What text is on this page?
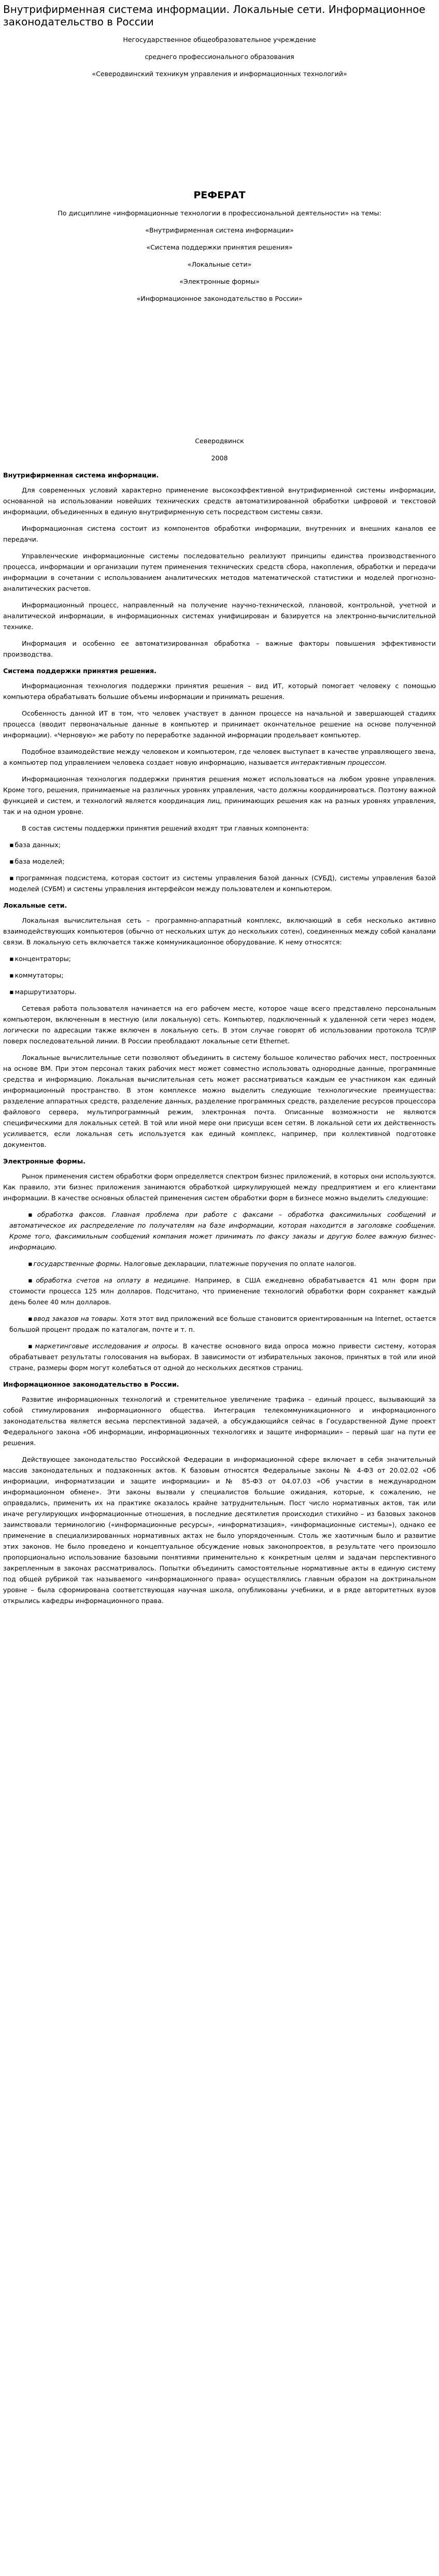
Внутрифирменная система информации. Локальные сети. Информационное законодательство в России

Негосударственное общеобразовательное учреждение

среднего профессионального образования

«Северодвинский техникум управления и информационных технологий»

РЕФЕРАТ

По дисциплине «информационные технологии в профессиональной деятельности» на темы:

«Внутрифирменная система информации»

«Система поддержки принятия решения»

«Локальные сети»

«Электронные формы»

«Информационное законодательство в России»

Северодвинск

2008

Внутрифирменная система информации.

Для современных условий характерно применение высокоэффективной внутрифирменной системы информации, основанной на использовании новейших технических средств автоматизированной обработки цифровой и текстовой информации, объединенных в единую внутрифирменную сеть посредством системы связи.

Информационная система состоит из компонентов обработки информации, внутренних и внешних каналов ее передачи.

Управленческие информационные системы последовательно реализуют принципы единства производственного процесса, информации и организации путем применения технических средств сбора, накопления, обработки и передачи информации в сочетании с использованием аналитических методов математической статистики и моделей прогнозно-аналитических расчетов.

Информационный процесс, направленный на получение научно-технической, плановой, контрольной, учетной и аналитической информации, в информационных системах унифицирован и базируется на электронно-вычислительной технике.

Информация и особенно ее автоматизированная обработка – важные факторы повышения эффективности производства.

Система поддержки принятия решения.

Информационная технология поддержки принятия решения – вид ИТ, который помогает человеку с помощью компьютера обрабатывать большие объемы информации и принимать решения.

Особенность данной ИТ в том, что человек участвует в данном процессе на начальной и завершающей стадиях процесса (вводит первоначальные данные в компьютер и принимает окончательное решение на основе полученной информации). «Черновую» же работу по переработке заданной информации продельвает компьютер.

Подобное взаимодействие между человеком и компьютером, где человек выступает в качестве управляющего звена, а компьютер под управлением человека создает новую информацию, называется интерактивным процессом.

Информационная технология поддержки принятия решения может использоваться на любом уровне управления. Кроме того, решения, принимаемые на различных уровнях управления, часто должны координироваться. Поэтому важной функцией и систем, и технологий является координация лиц, принимающих решения как на разных уровнях управления, так и на одном уровне.

В состав системы поддержки принятия решений входят три главных компонента:

▪ база данных;

▪ база моделей;

▪ программная подсистема, которая состоит из системы управления базой данных (СУБД), системы управления базой моделей (СУБМ) и системы управления интерфейсом между пользователем и компьютером.

Локальные сети.

Локальная вычислительная сеть – программно-аппаратный комплекс, включающий в себя несколько активно взаимодействующих компьютеров (обычно от нескольких штук до нескольких сотен), соединенных между собой каналами связи. В локальную сеть включается также коммуникационное оборудование. К нему относятся:

▪ концентраторы;

▪ коммутаторы;

▪ маршрутизаторы.

Сетевая работа пользователя начинается на его рабочем месте, которое чаще всего представлено персональным компьютером, включенным в местную (или локальную) сеть. Компьютер, подключенный к удаленной сети через модем, логически по адресации также включен в локальную сеть. В этом случае говорят об использовании протокола TCP/IP поверх последовательной линии. В России преобладают локальные сети Ethernet.

Локальные вычислительные сети позволяют объединить в систему большое количество рабочих мест, построенных на основе ВМ. При этом персонал таких рабочих мест может совместно использовать однородные данные, программные средства и информацию. Локальная вычислительная сеть может рассматриваться каждым ее участником как единый информационный пространство. В этом комплексе можно выделить следующие технологические преимущества: разделение аппаратных средств, разделение данных, разделение программных средств, разделение ресурсов процессора файлового сервера, мультипрограммный режим, электронная почта. Описанные возможности не являются специфическими для локальных сетей. В той или иной мере они присущи всем сетям. В локальной сети их действенность усиливается, если локальная сеть используется как единый комплекс, например, при коллективной подготовке документов.

Электронные формы.

Рынок применения систем обработки форм определяется спектром бизнес приложений, в которых они используются. Как правило, эти бизнес приложения занимаются обработкой циркулирующей между предприятием и его клиентами информации. В качестве основных областей применения систем обработки форм в бизнесе можно выделить следующие:

▪ обработка факсов. Главная проблема при работе с факсами – обработка факсимильных сообщений и автоматическое их распределение по получателям на базе информации, которая находится в заголовке сообщения. Кроме того, факсимильным сообщений компания может принимать по факсу заказы и другую более важную бизнес-информацию.

▪ государственные формы. Налоговые декларации, платежные поручения по оплате налогов.

▪ обработка счетов на оплату в медицине. Например, в США ежедневно обрабатывается 41 млн форм при стоимости процесса 125 млн долларов. Подсчитано, что применение технологий обработки форм сохраняет каждый день более 40 млн долларов.

▪ ввод заказов на товары. Хотя этот вид приложений все больше становится ориентированным на Internet, остается большой процент продаж по каталогам, почте и т. п.

▪ маркетинговые исследования и опросы. В качестве основного вида опроса можно привести систему, которая обрабатывает результаты голосования на выборах. В зависимости от избирательных законов, принятых в той или иной стране, размеры форм могут колебаться от одной до нескольких десятков страниц.

Информационное законодательство в России.

Развитие информационных технологий и стремительное увеличение трафика – единый процесс, вызывающий за собой стимулирования информационного общества. Интеграция телекоммуникационного и информационного законодательства является весьма перспективной задачей, а обсуждающийся сейчас в Государственной Думе проект Федерального закона «Об информации, информационных технологиях и защите информации» – первый шаг на пути ее решения.

Действующее законодательство Российской Федерации в информационной сфере включает в себя значительный массив законодательных и подзаконных актов. К базовым относятся Федеральные законы № 4-ФЗ от 20.02.02 «Об информации, информатизации и защите информации» и № 85-ФЗ от 04.07.03 «Об участии в международном информационном обмене». Эти законы вызвали у специалистов большие ожидания, которые, к сожалению, не оправдались, применить их на практике оказалось крайне затруднительным. Пост число нормативных актов, так или иначе регулирующих информационные отношения, в последние десятилетия происходил стихийно – из базовых законов заимствовали терминологию («информационные ресурсы», «информатизация», «информационные системы»), однако ее применение в специализированных нормативных актах не было упорядоченным. Столь же хаотичным было и развитие этих законов. Не было проведено и концептуальное обсуждение новых законопроектов, в результате чего произошло пропорционально использование базовыми понятиями применительно к конкретным целям и задачам перспективного закрепленным в законах рассматривалось. Попытки объединить самостоятельные нормативные акты в единую систему под общей рубрикой так называемого «информационного права» осуществлялись главным образом на доктринальном уровне – была сформирована соответствующая научная школа, опубликованы учебники, и в ряде авторитетных вузов открылись кафедры информационного права.
